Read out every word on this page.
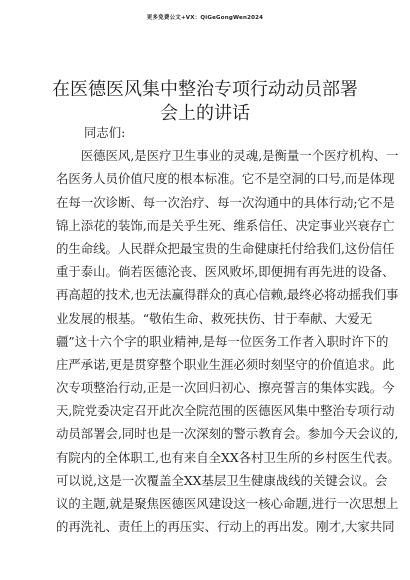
更多免费公文+VX：QiGeGongWen2024
在医德医风集中整治专项行动动员部署会上的讲话

同志们:

　　医德医风,是医疗卫生事业的灵魂,是衡量一个医疗机构、一

名医务人员价值尺度的根本标准。它不是空洞的口号,而是体现

在每一次诊断、每一次治疗、每一次沟通中的具体行动;它不是

锦上添花的装饰,而是关乎生死、维系信任、决定事业兴衰存亡

的生命线。人民群众把最宝贵的生命健康托付给我们,这份信任

重于泰山。倘若医德沦丧、医风败坏,即便拥有再先进的设备、

再高超的技术,也无法赢得群众的真心信赖,最终必将动摇我们事

业发展的根基。“敬佑生命、救死扶伤、甘于奉献、大爱无

疆”这十六个字的职业精神,是每一位医务工作者入职时许下的

庄严承诺,更是贯穿整个职业生涯必须时刻坚守的价值追求。此

次专项整治行动,正是一次回归初心、擦亮誓言的集体实践。今

天,院党委决定召开此次全院范围的医德医风集中整治专项行动

动员部署会,同时也是一次深刻的警示教育会。参加今天会议的,

有院内的全体职工,也有来自全XX各村卫生所的乡村医生代表。

可以说,这是一次覆盖全XX基层卫生健康战线的关键会议。会

议的主题,就是聚焦医德医风建设这一核心命题,进行一次思想上

的再洗礼、责任上的再压实、行动上的再出发。刚才,大家共同
